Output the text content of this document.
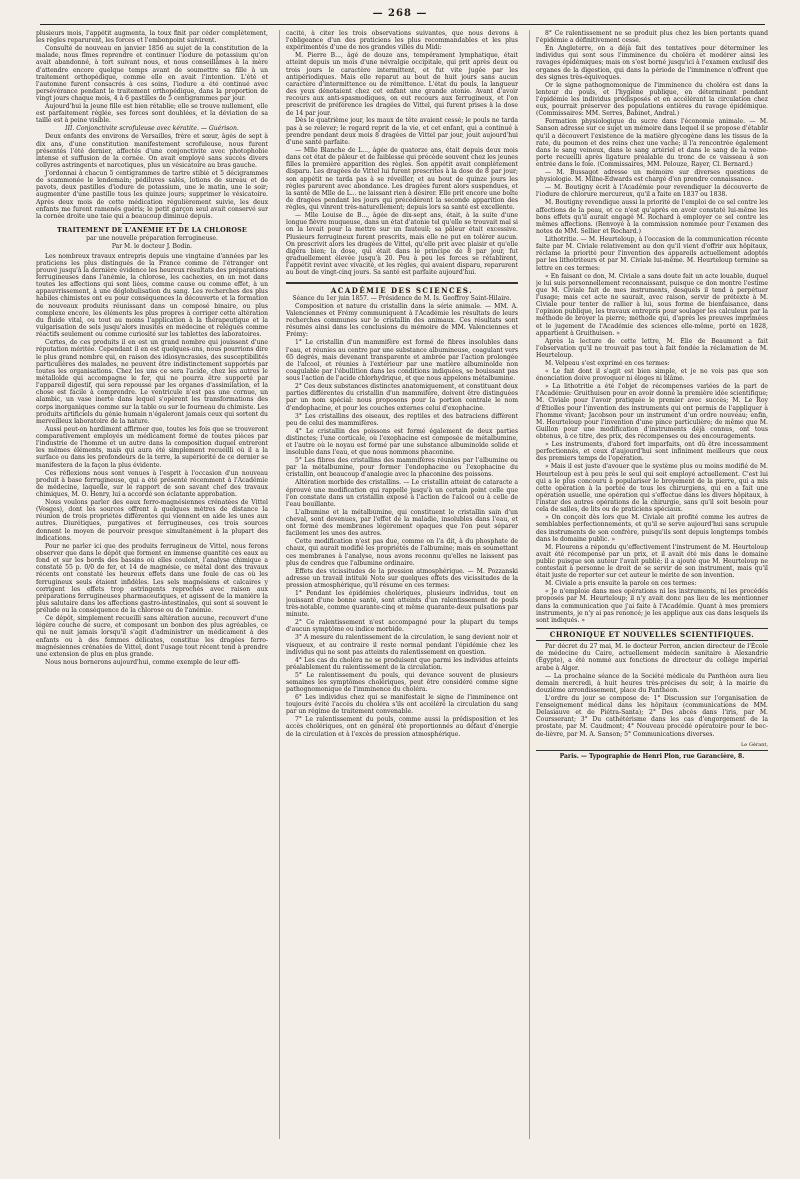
— 268 —

plusieurs mois, l'appétit augmenta, la toux finit par céder complètement, les règles reparurent, les forces et l'embonpoint suivirent.

Consulté de nouveau en janvier 1856 au sujet de la constitution de la malade, nous fîmes reprendre et continuer l'iodure de potassium qu'on avait abandonné, à tort suivant nous, et nous conseillâmes à la mère d'attendre encore quelque temps avant de soumettre sa fille à un traitement orthopédique, comme elle en avait l'intention. L'été et l'automne furent consacrés à ces soins, l'iodure a été continué avec persévérance pendant le traitement orthopédique, dans la proportion de vingt jours chaque mois, 4 à 6 pastilles de 5 centigrammes par jour.

Aujourd'hui la jeune fille est bien rétablie; elle se trouve nullement, elle est parfaitement réglée, ses forces sont doublées, et la déviation de sa taille est à peine visible.

III. Conjonctivite scrofuleuse avec kératite. — Guérison.

Deux enfants des environs de Versailles, frère et sœur, âgés de sept à dix ans, d'une constitution manifestement scrofuleuse, nous furent présentés l'été dernier, affectés d'une conjonctivite avec photophobie intense et suffusion de la cornée. On avait employé sans succès divers collyres astringents et narcotiques, plus un vésicatoire au bras gauche.

J'ordonnai à chacun 5 centigrammes de tartre stibié et 5 décigrammes de scammonée le lendemain; pédiluves salés, lotions de sureau et de pavots, deux pastilles d'iodure de potassium, une le matin, une le soir; augmenter d'une pastille tous les quinze jours; supprimer le vésicatoire. Après deux mois de cette médication régulièrement suivie, les deux enfants me furent ramenés guéris; le petit garçon seul avait conservé sur la cornée droite une taie qui a beaucoup diminué depuis.

TRAITEMENT DE L'ANÉMIE ET DE LA CHLOROSE
par une nouvelle préparation ferrugineuse.
Par M. le docteur J. Bodin.

Les nombreux travaux entrepris depuis une vingtaine d'années par les praticiens les plus distingués de la France comme de l'étranger ont prouvé jusqu'à la dernière évidence les heureux résultats des préparations ferrugineuses dans l'anémie, la chlorose, les cachexies, en un mot dans toutes les affections qui sont liées, comme cause ou comme effet, à un appauvrissement, à une déglobulisation du sang. Les recherches des plus habiles chimistes ont eu pour conséquences la découverte et la formation de nouveaux produits réunissant dans un composé binaire, ou plus complexe encore, les éléments les plus propres à corriger cette altération du fluide vital, ou tout au moins l'application à la thérapeutique et la vulgarisation de sels jusqu'alors inusités en médecine et relégués comme réactifs seulement ou comme curiosité sur les tablettes des laboratoires.

Certes, de ces produits il en est un grand nombre qui jouissent d'une réputation méritée. Cependant il en est quelques-uns, nous pourrions dire le plus grand nombre qui, en raison des idiosyncrasies, des susceptibilités particulières des malades, ne peuvent être indistinctement supportés par toutes les organisations. Chez les uns ce sera l'acide, chez les autres le métalloïde qui accompagne le fer, qui ne pourra être supporté par l'appareil digestif, qui sera repoussé par les organes d'assimilation, et la chose est facile à comprendre. Le ventricule n'est pas une cornue, un alambic, un vase inerte dans lequel s'opèrent les transformations des corps inorganiques comme sur la table ou sur le fourneau du chimiste. Les produits artificiels du génie humain n'égaleront jamais ceux qui sortent du merveilleux laboratoire de la nature.

Aussi peut-on hardiment affirmer que, toutes les fois que se trouveront comparativement employés un médicament formé de toutes pièces par l'industrie de l'homme et un autre dans la composition duquel entreront les mêmes éléments, mais qui aura été simplement recueilli où il a la surface ou dans les profondeurs de la terre, la supériorité de ce dernier se manifestera de la façon la plus évidente.

Ces réflexions nous sont venues à l'esprit à l'occasion d'un nouveau produit à base ferrugineuse, qui a été présenté récemment à l'Académie de médecine, laquelle, sur le rapport de son savant chef des travaux chimiques, M. O. Henry, lui a accordé son éclatante approbation.

Nous voulons parler des eaux ferro-magnésiennes crénatées de Vittel (Vosges), dont les sources offrent à quelques mètres de distance la réunion de trois propriétés différentes qui viennent en aide les unes aux autres. Diurétiques, purgatives et ferrugineuses, ces trois sources donnent le moyen de pourvoir presque simultanément à la plupart des indications.

Pour ne parler ici que des produits ferrugineux de Vittel, nous ferons observer que dans le dépôt que forment en immense quantité ces eaux au fond et sur les bords des bassins où elles coulent, l'analyse chimique a constaté 55 p. 0/0 de fer, et 14 de magnésie, ce métal dont des travaux récents ont constaté les heureux effets dans une foule de cas où les ferrugineux seuls étaient infidèles. Les sels magnésiens et calcaires y corrigent les effets trop astringents reprochés avec raison aux préparations ferrugineuses pharmaceutiques, et agissent de la manière la plus salutaire dans les affections gastro-intestinales, qui sont si souvent le prélude ou la conséquence de la chlorose ou de l'anémie.

Ce dépôt, simplement recueilli sans altération aucune, recouvert d'une légère couche de sucre, et composant un bonbon des plus agréables, ce qui ne nuit jamais lorsqu'il s'agit d'administrer un médicament à des enfants ou à des femmes délicates, constitue les dragées ferro-magnésiennes crénatées de Vittel, dont l'usage tout récent tend à prendre une extension de plus en plus grande.

Nous nous bornerons aujourd'hui, comme exemple de leur effi-

cacité, à citer les trois observations suivantes, que nous devons à l'obligeance d'un des praticiens les plus recommandables et les plus expérimentés d'une de nos grandes villes du Midi:

M. Pierre B..., âgé de douze ans, tempérament lymphatique, était atteint depuis un mois d'une névralgie occipitale, qui prit après deux ou trois jours le caractère intermittent, et fut vite jugée par les antipériodiques. Mais elle reparut au bout de huit jours sans aucun caractère d'intermittence ou de rémittence. L'état du pouls, la langueur des yeux dénotaient chez cet enfant une grande atonie. Avant d'avoir recours aux anti-spasmodiques, on eut recours aux ferrugineux, et l'on prescrivit de préférence les dragées de Vittel, qui furent prises à la dose de 14 par jour.

Dès le quatrième jour, les maux de tête avaient cessé; le pouls ne tarda pas à se relever; le regard reprit de la vie, et cet enfant, qui a continué à prendre pendant deux mois 8 dragées de Vittel par jour, jouit aujourd'hui d'une santé parfaite.

— Mlle Blanche de L..., âgée de quatorze ans, était depuis deux mois dans cet état de pâleur et de faiblesse qui précède souvent chez les jeunes filles la première apparition des règles. Son appétit avait complètement disparu. Les dragées de Vittel lui furent prescrites à la dose de 8 par jour; son appétit ne tarda pas à se réveiller, et au bout de quinze jours les règles parurent avec abondance. Les dragées furent alors suspendues, et la santé de Mlle de L... ne laissant rien à désirer. Elle prit encore une boîte de dragées pendant les jours qui précédèrent la seconde apparition des règles, qui vinrent très-naturellement; depuis lors sa santé est excellente.

— Mlle Louise de B..., âgée de dix-sept ans, était, à la suite d'une longue fièvre muqueuse, dans un état d'atonie tel qu'elle se trouvait mal si on la levait pour la mettre sur un fauteuil; sa pâleur était excessive. Plusieurs ferrugineux furent prescrits, mais elle ne put en tolérer aucun. On prescrivit alors les dragées de Vittel, qu'elle prit avec plaisir et qu'elle digéra bien; la dose, qui était dans le principe de 8 par jour, fut graduellement élevée jusqu'à 20. Peu à peu les forces se rétablirent, l'appétit revint avec vivacité, et les règles, qui avaient disparu, reparurent au bout de vingt-cinq jours. Sa santé est parfaite aujourd'hui.

ACADÉMIE DES SCIENCES.
Séance du 1er juin 1857. — Présidence de M. Is. Geoffroy Saint-Hilaire.

Composition et nature du cristallin dans la série animale. — MM. A. Valenciennes et Frémy communiquent à l'Académie les résultats de leurs recherches communes sur le cristallin des animaux. Ces résultats sont résumés ainsi dans les conclusions du mémoire de MM. Valenciennes et Frémy:

1° Le cristallin d'un mammifère est formé de fibres insolubles dans l'eau, et réunies au centre par une substance albumineuse, coagulant vers 65 degrés, mais devenant transparente et ambrée par l'action prolongée de l'alcool, et réunies à l'extérieur par une matière albuminoïde non coagulable par l'ébullition dans les conditions indiquées, se bouissant pas sous l'action de l'acide chlorhydrique, et que nous appelons métalbumine.

2° Ces deux substances distinctes anatomiquement, et constituant deux parties différentes du cristallin d'un mammifère, doivent être distinguées par un nom spécial: nous proposons pour la portion centrale le nom d'endophacine, et pour les couches externes celui d'exophacine.

3° Les cristallins des oiseaux, des reptiles et des batraciens diffèrent peu de celui des mammifères.

4° Le cristallin des poissons est formé également de deux parties distinctes; l'une corticale, où l'exophacine est composée de métalbumine, et l'autre où le noyau est formé par une substance albuminoïde solide et insoluble dans l'eau, et que nous nommons phaconine.

5° Les fibres des cristallins des mammifères réunies par l'albumine ou par la métalbumine, pour former l'endophacine ou l'exophacine du cristallin, ont beaucoup d'analogie avec la phaconine des poissons.

Altération morbide des cristallins. — Le cristallin atteint de cataracte a éprouvé une modification qui rappelle jusqu'à un certain point celle que l'on constate dans un cristallin exposé à l'action de l'alcool ou à celle de l'eau bouillante.

L'albumine et la métalbumine, qui constituent le cristallin sain d'un cheval, sont devenues, par l'effet de la maladie, insolubles dans l'eau, et ont formé des membranes légèrement opaques que l'on peut séparer facilement les unes des autres.

Cette modification n'est pas due, comme on l'a dit, à du phosphate de chaux, qui aurait modifié les propriétés de l'albumine; mais en soumettant ces membranes à l'analyse, nous avons reconnu qu'elles ne laissent pas plus de cendres que l'albumine ordinaire.

Effets des vicissitudes de la pression atmosphérique. — M. Pozzanski adresse un travail intitulé Note sur quelques effets des vicissitudes de la pression atmosphérique, qu'il résume en ces termes:

1° Pendant les épidémies cholériques, plusieurs individus, tout en jouissant d'une bonne santé, sont atteints d'un ralentissement de pouls très-notable, comme quarante-cinq et même quarante-deux pulsations par minute.

2° Ce ralentissement n'est accompagné pour la plupart du temps d'aucun symptôme ou indice morbide.

3° A mesure du ralentissement de la circulation, le sang devient noir et visqueux, et au contraire il reste normal pendant l'épidémie chez les individus qui ne sont pas atteints du ralentissement en question.

4° Les cas du choléra ne se produisent que parmi les individus atteints préalablement du ralentissement de la circulation.

5° Le ralentissement du pouls, qui devance souvent de plusieurs semaines les symptômes cholériques, peut être considéré comme signe pathognomonique de l'imminence du choléra.

6° Les individus chez qui se manifestait le signe de l'imminence ont toujours évité l'accès du choléra s'ils ont accéléré la circulation du sang par un régime de traitement convenable.

7° Le ralentissement du pouls, comme aussi la prédisposition et les accès cholériques, ont en général été proportionnés au défaut d'énergie de la circulation et à l'excès de pression atmosphérique.

8° Ce ralentissement ne se produit plus chez les bien portants quand l'épidémie a définitivement cessé.

En Angleterre, on a déjà fait des tentatives pour déterminer les individus qui sont sous l'imminence du choléra et modérer ainsi les ravages épidémiques; mais on s'est borné jusqu'ici à l'examen exclusif des organes de la digestion, qui dans la période de l'imminence n'offrent que des signes très-équivoques.

Or le signe pathognomonique de l'imminence du choléra est dans la lenteur du pouls, et l'hygiène publique, en déterminant pendant l'épidémie les individus prédisposés et en accélérant la circulation chez eux, pourrait préserver des populations entières du ravage épidémique. (Commissaires: MM. Serres, Babinet, Andral.)

Formation physiologique du sucre dans l'économie animale. — M. Sanson adresse sur ce sujet un mémoire dans lequel il se propose d'établir qu'il a découvert l'existence de la matière glycogène dans les tissus de la rate, du poumon et des reins chez une vache; il l'a rencontrée également dans le sang veineux, dans le sang artériel et dans le sang de la veine-porte recueilli après ligature préalable du tronc de ce vaisseau à son entrée dans le foie. (Commissaires, MM. Pelouze, Rayer, Cl. Bernard.)

— M. Bussagot adresse un mémoire sur diverses questions de physiologie. M. Milne-Edwards est chargé d'en prendre connaissance.

— M. Boutigny écrit à l'Académie pour revendiquer la découverte de l'iodure de chlorure mercureux, qu'il a faite en 1837 ou 1838.

M. Boutigny revendique aussi la priorité de l'emploi de ce sel contre les affections de la peau, et ce n'est qu'après en avoir constaté lui-même les bons effets qu'il aurait engagé M. Rochard à employer ce sel contre les mêmes affections. (Renvoyé à la commission nommée pour l'examen des notes de MM. Sellier et Rochard.)

Lithotritie. — M. Heurteloup, à l'occasion de la communication récente faite par M. Civiale relativement au don qu'il vient d'offrir aux hôpitaux, réclame la priorité pour l'invention des appareils actuellement adoptés par les lithotriteurs et par M. Civiale lui-même. M. Heurteloup termine sa lettre en ces termes:

« En faisant ce don, M. Civiale a sans doute fait un acte louable, duquel je lui suis personnellement reconnaissant, puisque ce don montre l'estime que M. Civiale fait de mes instruments, desquels il tend à perpétuer l'usage; mais cet acte ne saurait, avec raison, servir de prétexte à M. Civiale pour tenter de rallier à lui, sous forme de bienfaisance, dans l'opinion publique, les travaux entrepris pour soulager les calculeux par la méthode de broyer la pierre; méthode qui, d'après les preuves imprimées et le jugement de l'Académie des sciences elle-même, porté en 1828, appartient à Gruithuisen. »

Après la lecture de cette lettre, M. Élie de Beaumont a fait l'observation qu'il ne trouvait pas tout à fait fondée la réclamation de M. Heurteloup.

M. Velpeau s'est exprimé en ces termes:

« Le fait dont il s'agit est bien simple, et je ne vois pas que son énonciation doive provoquer ni éloges ni blâme.

» La lithotritie a été l'objet de récompenses variées de la part de l'Académie: Gruithuisen pour en avoir donné la première idée scientifique; M. Civiale pour l'avoir pratiquée le premier avec succès; M. Le Roy d'Étiolles pour l'invention des instruments qui ont permis de l'appliquer à l'homme vivant; Jacobson pour un instrument d'un ordre nouveau; enfin, M. Heurteloup pour l'invention d'une pince particulière; de même que M. Guillon pour une modification d'instruments déjà connus, ont tous obtenus, à ce titre, des prix, des récompenses ou des encouragements.

» Les instruments, d'abord fort imparfaits, ont dû être incessamment perfectionnés, et ceux d'aujourd'hui sont infiniment meilleurs que ceux des premiers temps de l'opération.

» Mais il est juste d'avouer que le système plus ou moins modifié de M. Heurteloup est à peu près le seul qui soit employé actuellement. C'est lui qui a le plus concouru à populariser le broyement de la pierre, qui a mis cette opération à la portée de tous les chirurgiens, qui en a fait une opération usuelle, une opération qui s'effectue dans les divers hôpitaux, à l'instar des autres opérations de la chirurgie, sans qu'il soit besoin pour cela de salles, de lits ou de praticiens spéciaux.

» On conçoit dès lors que M. Civiale ait profité comme les autres de semblables perfectionnements, et qu'il se serve aujourd'hui sans scrupule des instruments de son confrère, puisqu'ils sont depuis longtemps tombés dans le domaine public. »

M. Flourens a répondu qu'effectivement l'instrument de M. Heurteloup avait été récompensé par un prix, et il avait été mis dans le domaine public puisque son auteur l'avait publié; il a ajouté que M. Heurteloup ne contestait à personne le droit de se servir de son instrument, mais qu'il était juste de reporter sur cet auteur le mérite de son invention.

M. Civiale a pris ensuite la parole en ces termes:

« Je n'emploie dans mes opérations ni les instruments, ni les procédés proposés par M. Heurteloup; il n'y avait donc pas lieu de les mentionner dans la communication que j'ai faite à l'Académie. Quant à mes premiers instruments, je n'y ai pas renoncé; je les applique aux cas dans lesquels ils sont indiqués. »

CHRONIQUE ET NOUVELLES SCIENTIFIQUES.

Par décret du 27 mai, M. le docteur Perron, ancien directeur de l'École de médecine du Caire, actuellement médecin sanitaire à Alexandrie (Égypte), a été nommé aux fonctions de directeur du collège impérial arabe à Alger.

— La prochaine séance de la Société médicale du Panthéon aura lieu demain mercredi, à huit heures très-précises du soir, à la mairie du douzième arrondissement, place du Panthéon.

L'ordre du jour se compose de: 1° Discussion sur l'organisation de l'enseignement médical dans les hôpitaux (communications de MM. Delasiauve et de Piétra-Santa); 2° Des abcès dans l'iris, par M. Coursserant; 3° Du cathétérisme dans les cas d'engorgement de la prostate, par M. Caudmont; 4° Nouveau procédé opératoire pour le bec-de-lièvre, par M. A. Sanson; 5° Communications diverses.

Le Gérant,
Paris. — Typographie de Henri Plon, rue Garancière, 8.
